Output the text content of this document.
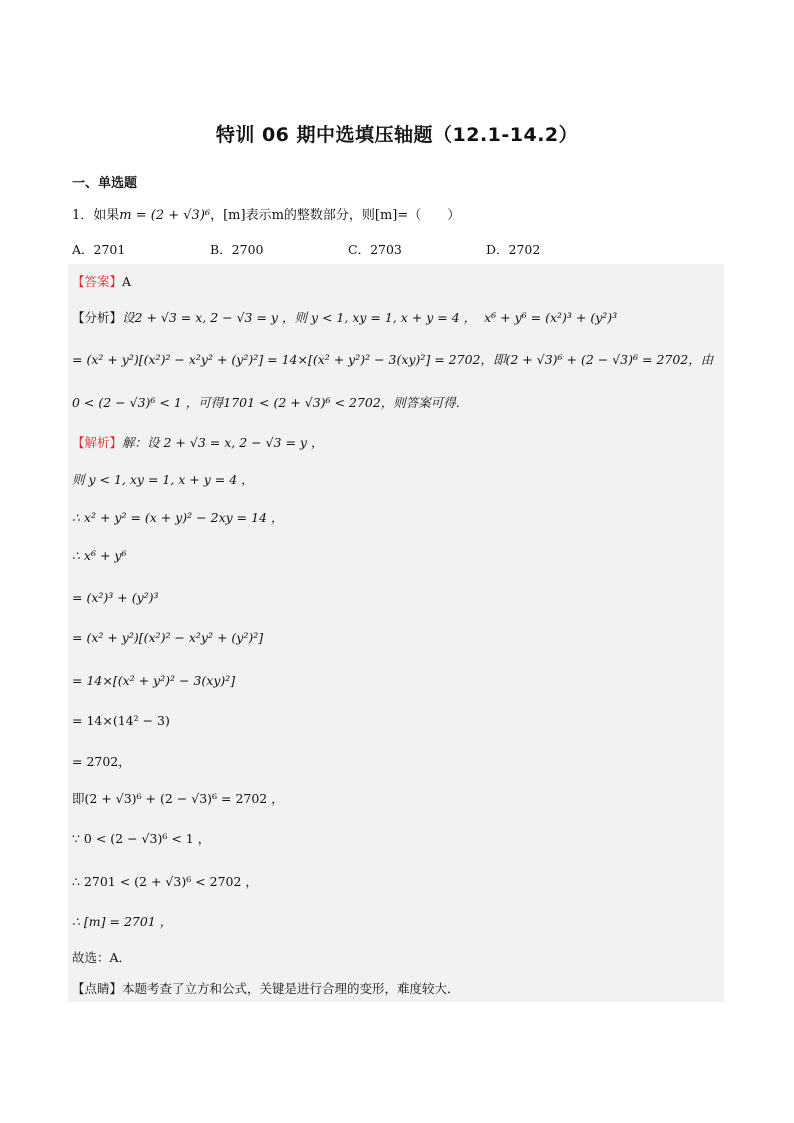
特训 06 期中选填压轴题（12.1-14.2）
一、单选题
1．如果m = (2 + √3)⁶，[m]表示m的整数部分，则[m]=（　　）
A．2701	B．2700	C．2703	D．2702
【答案】A
【分析】设2 + √3 = x, 2 − √3 = y ，则 y < 1, xy = 1, x + y = 4 ， x⁶ + y⁶ = (x²)³ + (y²)³
= (x² + y²)[(x²)² − x²y² + (y²)²] = 14×[(x² + y²)² − 3(xy)²] = 2702，即(2 + √3)⁶ + (2 − √3)⁶ = 2702，由
0 < (2 − √3)⁶ < 1 ，可得1701 < (2 + √3)⁶ < 2702，则答案可得．
【解析】解：设 2 + √3 = x, 2 − √3 = y ，
则 y < 1, xy = 1, x + y = 4 ，
∴ x² + y² = (x + y)² − 2xy = 14 ，
∴ x⁶ + y⁶
= (x²)³ + (y²)³
= (x² + y²)[(x²)² − x²y² + (y²)²]
= 14×[(x² + y²)² − 3(xy)²]
= 14×(14² − 3)
= 2702，
即(2 + √3)⁶ + (2 − √3)⁶ = 2702 ，
∵ 0 < (2 − √3)⁶ < 1 ，
∴ 2701 < (2 + √3)⁶ < 2702 ，
∴ [m] = 2701 ，
故选：A．
【点睛】本题考查了立方和公式，关键是进行合理的变形，难度较大．
